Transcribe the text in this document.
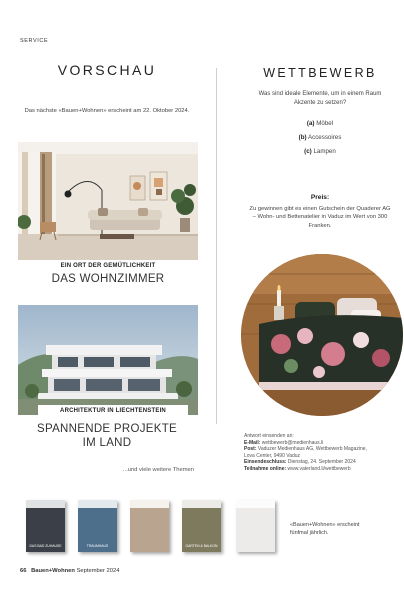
SERVICE
VORSCHAU
Das nächste «Bauen+Wohnen» erscheint am 22. Oktober 2024.
EIN ORT DER GEMÜTLICHKEIT
DAS WOHNZIMMER
ARCHITEKTUR IN LIECHTENSTEIN
SPANNENDE PROJEKTE
IM LAND
...und viele weitere Themen
WETTBEWERB
Was sind ideale Elemente, um in einem Raum Akzente zu setzen?
(a) Möbel
(b) Accessoires
(c) Lampen
Preis:
Zu gewinnen gibt es einen Gutschein der Quaderer AG – Wohn- und Bettenatelier in Vaduz im Wert von 300 Franken.
Antwort einsenden an:
E-Mail: wettbewerb@medienhaus.li
Post: Vaduzer Medienhaus AG, Wettbewerb Magazine,
Lova Center, 9490 Vaduz
Einsendeschluss: Dienstag, 24. September 2024
Teilnahme online: www.vaterland.li/wettbewerb
DAS BAD ZUHAUSE	TRAUMHAUS	GARTEN & BALKON
«Bauen+Wohnen» erscheint fünfmal jährlich.
66 Bauen+Wohnen September 2024
